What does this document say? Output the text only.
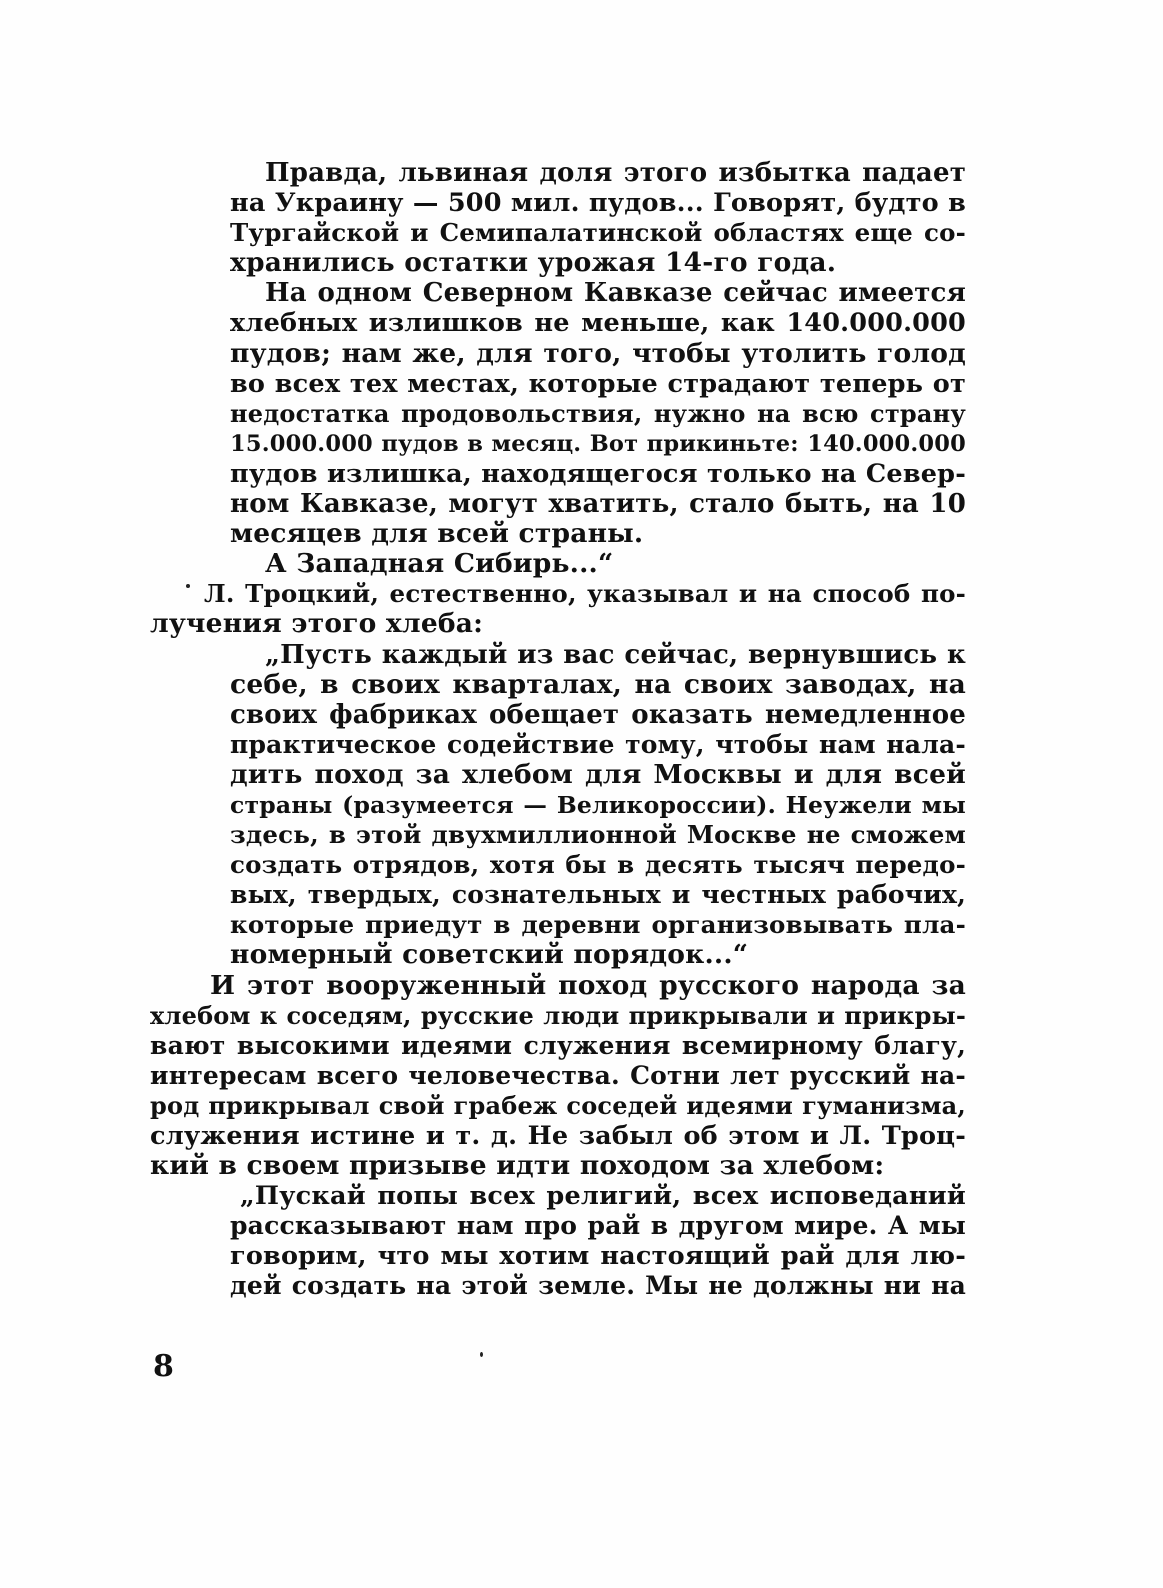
Правда, львиная доля этого избытка падает
на Украину — 500 мил. пудов... Говорят, будто в
Тургайской и Семипалатинской областях еще со-
хранились остатки урожая 14-го года.
На одном Северном Кавказе сейчас имеется
хлебных излишков не меньше, как 140.000.000
пудов; нам же, для того, чтобы утолить голод
во всех тех местах, которые страдают теперь от
недостатка продовольствия, нужно на всю страну
15.000.000 пудов в месяц. Вот прикиньте: 140.000.000
пудов излишка, находящегося только на Север-
ном Кавказе, могут хватить, стало быть, на 10
месяцев для всей страны.
А Западная Сибирь...“
Л. Троцкий, естественно, указывал и на способ по-
лучения этого хлеба:
„Пусть каждый из вас сейчас, вернувшись к
себе, в своих кварталах, на своих заводах, на
своих фабриках обещает оказать немедленное
практическое содействие тому, чтобы нам нала-
дить поход за хлебом для Москвы и для всей
страны (разумеется — Великороссии). Неужели мы
здесь, в этой двухмиллионной Москве не сможем
создать отрядов, хотя бы в десять тысяч передо-
вых, твердых, сознательных и честных рабочих,
которые приедут в деревни организовывать пла-
номерный советский порядок...“
И этот вооруженный поход русского народа за
хлебом к соседям, русские люди прикрывали и прикры-
вают высокими идеями служения всемирному благу,
интересам всего человечества. Сотни лет русский на-
род прикрывал свой грабеж соседей идеями гуманизма,
служения истине и т. д. Не забыл об этом и Л. Троц-
кий в своем призыве идти походом за хлебом:
„Пускай попы всех религий, всех исповеданий
рассказывают нам про рай в другом мире. А мы
говорим, что мы хотим настоящий рай для лю-
дей создать на этой земле. Мы не должны ни на
8
